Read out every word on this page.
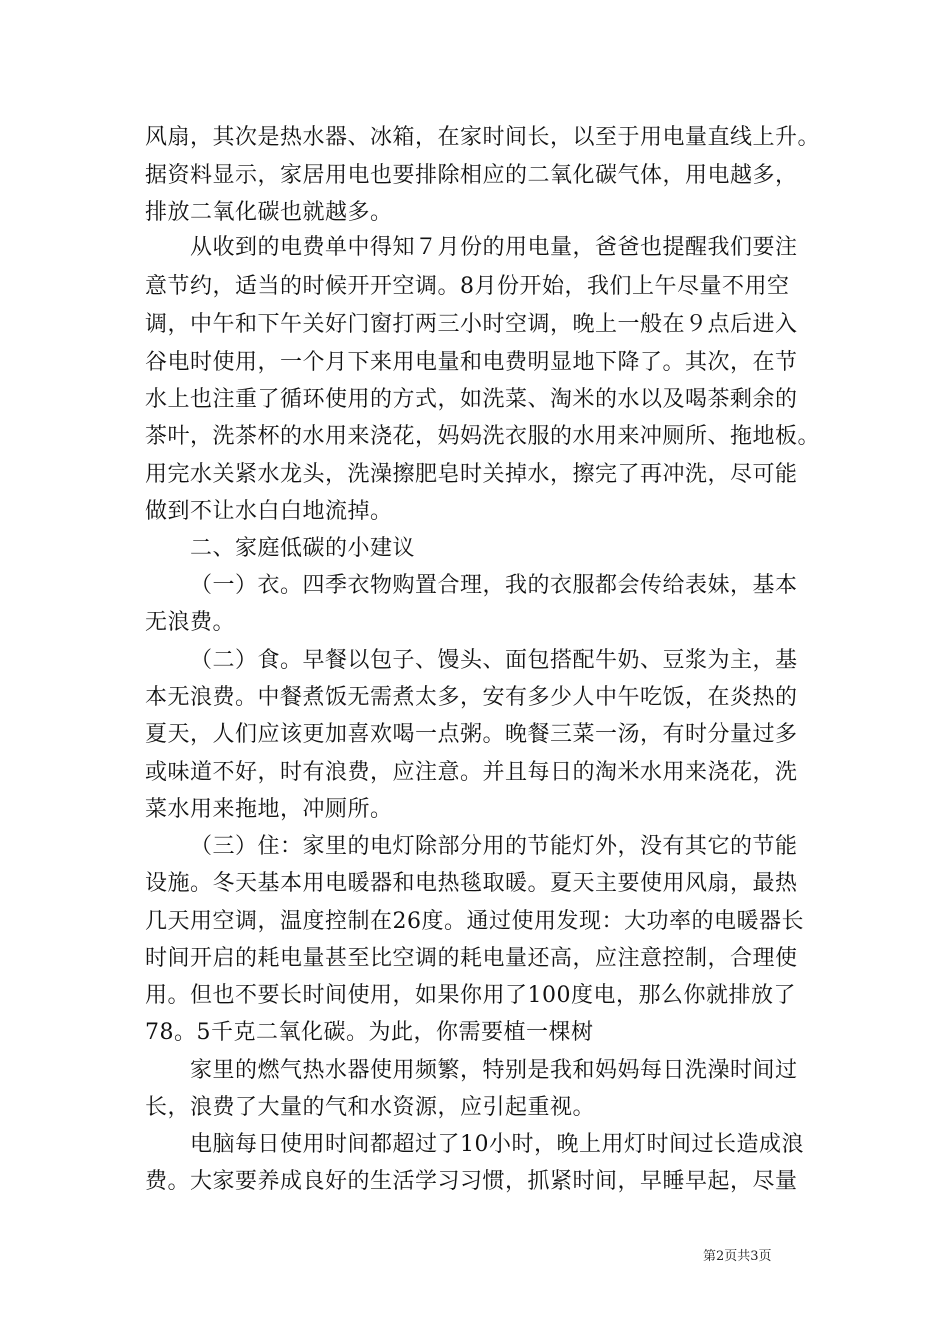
风扇，其次是热水器、冰箱，在家时间长，以至于用电量直线上升。
据资料显示，家居用电也要排除相应的二氧化碳气体，用电越多，
排放二氧化碳也就越多。
从收到的电费单中得知７月份的用电量，爸爸也提醒我们要注
意节约，适当的时候开开空调。8月份开始，我们上午尽量不用空
调，中午和下午关好门窗打两三小时空调，晚上一般在９点后进入
谷电时使用，一个月下来用电量和电费明显地下降了。其次，在节
水上也注重了循环使用的方式，如洗菜、淘米的水以及喝茶剩余的
茶叶，洗茶杯的水用来浇花，妈妈洗衣服的水用来冲厕所、拖地板。
用完水关紧水龙头，洗澡擦肥皂时关掉水，擦完了再冲洗，尽可能
做到不让水白白地流掉。
二、家庭低碳的小建议
（一）衣。四季衣物购置合理，我的衣服都会传给表妹，基本
无浪费。
（二）食。早餐以包子、馒头、面包搭配牛奶、豆浆为主，基
本无浪费。中餐煮饭无需煮太多，安有多少人中午吃饭，在炎热的
夏天，人们应该更加喜欢喝一点粥。晚餐三菜一汤，有时分量过多
或味道不好，时有浪费，应注意。并且每日的淘米水用来浇花，洗
菜水用来拖地，冲厕所。
（三）住：家里的电灯除部分用的节能灯外，没有其它的节能
设施。冬天基本用电暖器和电热毯取暖。夏天主要使用风扇，最热
几天用空调，温度控制在26度。通过使用发现：大功率的电暖器长
时间开启的耗电量甚至比空调的耗电量还高，应注意控制，合理使
用。但也不要长时间使用，如果你用了100度电，那么你就排放了
78。5千克二氧化碳。为此，你需要植一棵树
家里的燃气热水器使用频繁，特别是我和妈妈每日洗澡时间过
长，浪费了大量的气和水资源，应引起重视。
电脑每日使用时间都超过了10小时，晚上用灯时间过长造成浪
费。大家要养成良好的生活学习习惯，抓紧时间，早睡早起，尽量
第2页共3页
